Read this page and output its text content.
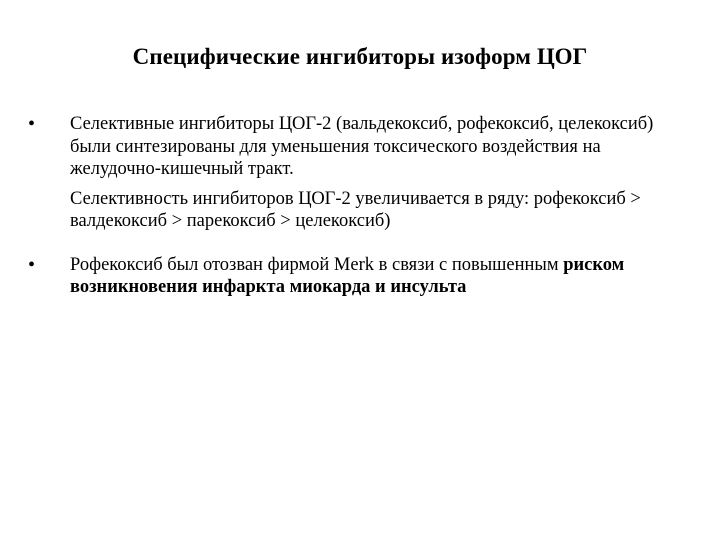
Специфические ингибиторы изоформ ЦОГ
•	Селективные ингибиторы ЦОГ-2 (вальдекоксиб, рофекоксиб, целекоксиб) были синтезированы для уменьшения токсического воздействия на желудочно-кишечный тракт.

Селективность ингибиторов ЦОГ-2 увеличивается в ряду: рофекоксиб > валдекоксиб > парекоксиб > целекоксиб)

•	Рофекоксиб был отозван фирмой Merk в связи с повышенным риском возникновения инфаркта миокарда и инсульта
